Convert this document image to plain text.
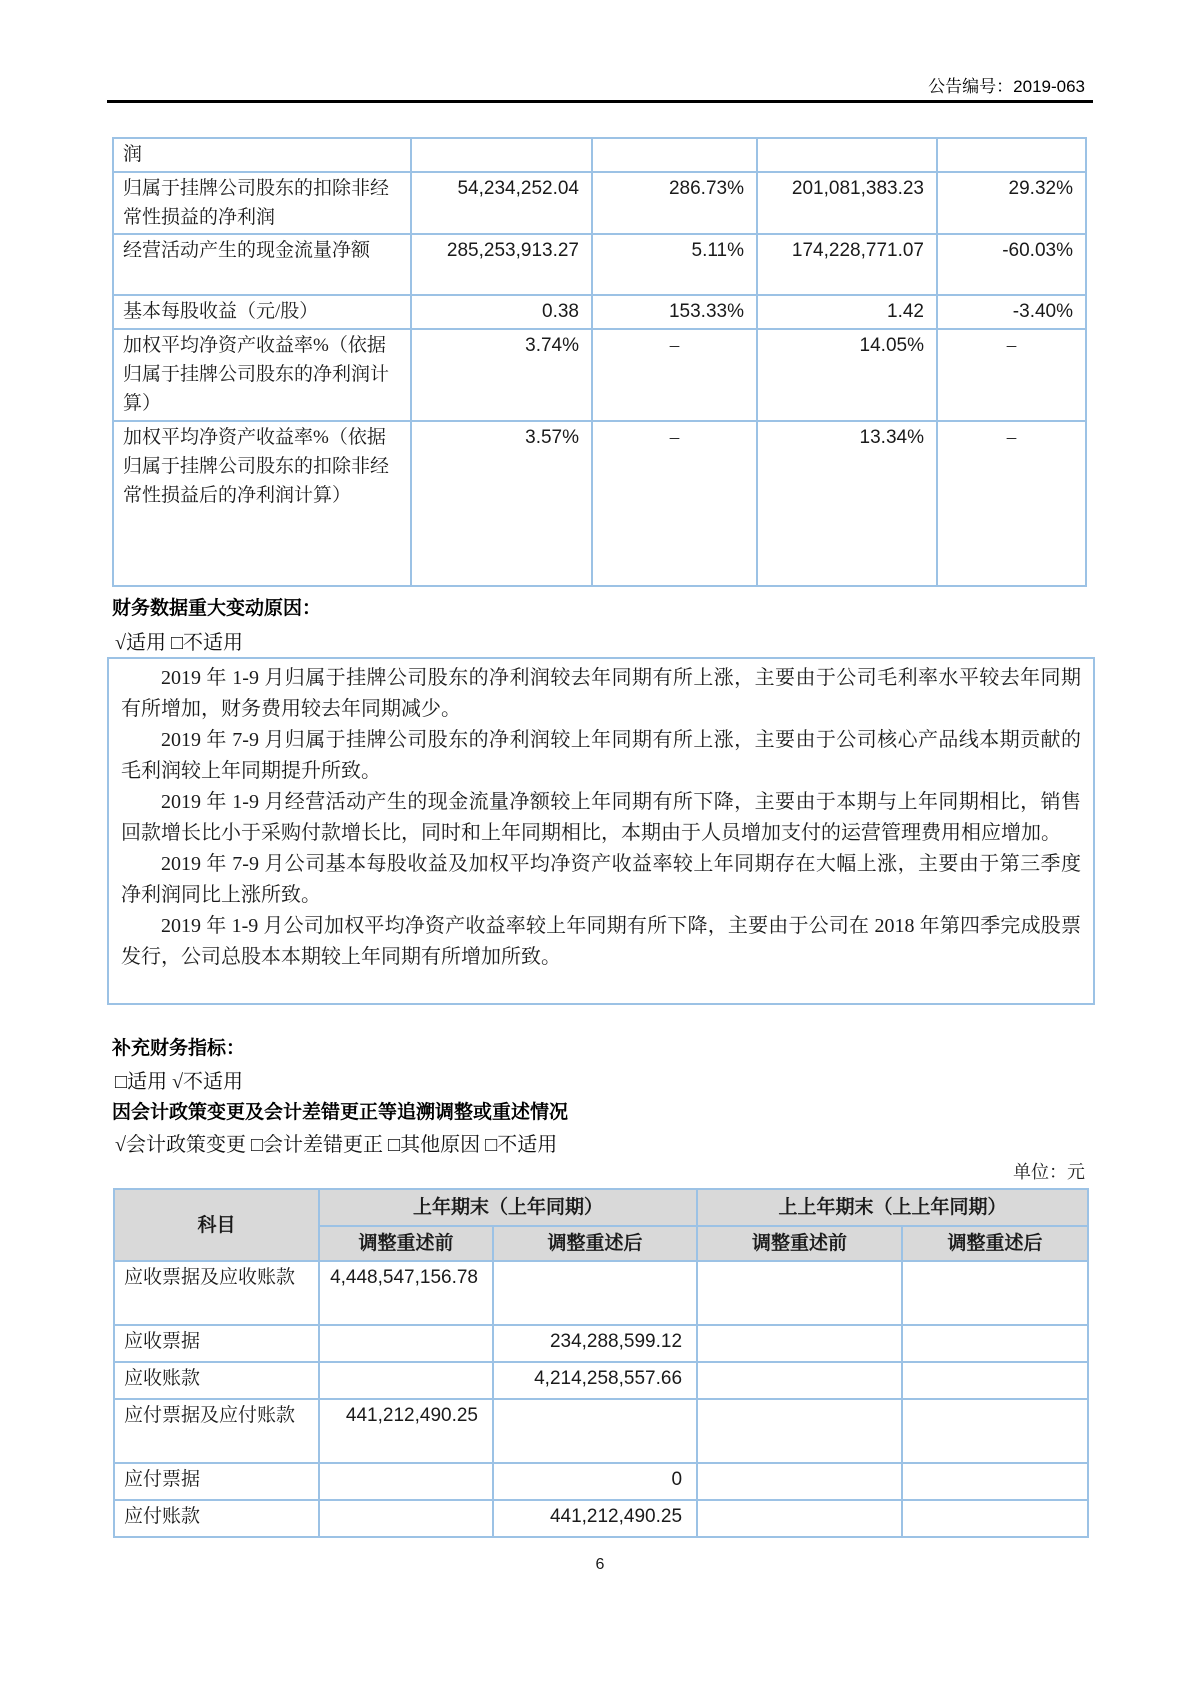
公告编号：2019-063
润				
归属于挂牌公司股东的扣除非经常性损益的净利润	54,234,252.04	286.73%	201,081,383.23	29.32%
经营活动产生的现金流量净额	285,253,913.27	5.11%	174,228,771.07	-60.03%
基本每股收益（元/股）	0.38	153.33%	1.42	-3.40%
加权平均净资产收益率%（依据归属于挂牌公司股东的净利润计算）	3.74%	–	14.05%	–
加权平均净资产收益率%（依据归属于挂牌公司股东的扣除非经常性损益后的净利润计算）	3.57%	–	13.34%	–
财务数据重大变动原因：
√适用 □不适用

2019 年 1-9 月归属于挂牌公司股东的净利润较去年同期有所上涨，主要由于公司毛利率水平较去年同期有所增加，财务费用较去年同期减少。

2019 年 7-9 月归属于挂牌公司股东的净利润较上年同期有所上涨，主要由于公司核心产品线本期贡献的毛利润较上年同期提升所致。

2019 年 1-9 月经营活动产生的现金流量净额较上年同期有所下降，主要由于本期与上年同期相比，销售回款增长比小于采购付款增长比，同时和上年同期相比，本期由于人员增加支付的运营管理费用相应增加。

2019 年 7-9 月公司基本每股收益及加权平均净资产收益率较上年同期存在大幅上涨，主要由于第三季度净利润同比上涨所致。

2019 年 1-9 月公司加权平均净资产收益率较上年同期有所下降，主要由于公司在 2018 年第四季完成股票发行，公司总股本本期较上年同期有所增加所致。

补充财务指标：
□适用 √不适用
因会计政策变更及会计差错更正等追溯调整或重述情况
√会计政策变更 □会计差错更正 □其他原因 □不适用
单位：元
科目	上年期末（上年同期）		上上年期末（上上年同期）	
	调整重述前	调整重述后	调整重述前	调整重述后
应收票据及应收账款	4,448,547,156.78			
应收票据		234,288,599.12		
应收账款		4,214,258,557.66		
应付票据及应付账款	441,212,490.25			
应付票据		0		
应付账款		441,212,490.25		
6
